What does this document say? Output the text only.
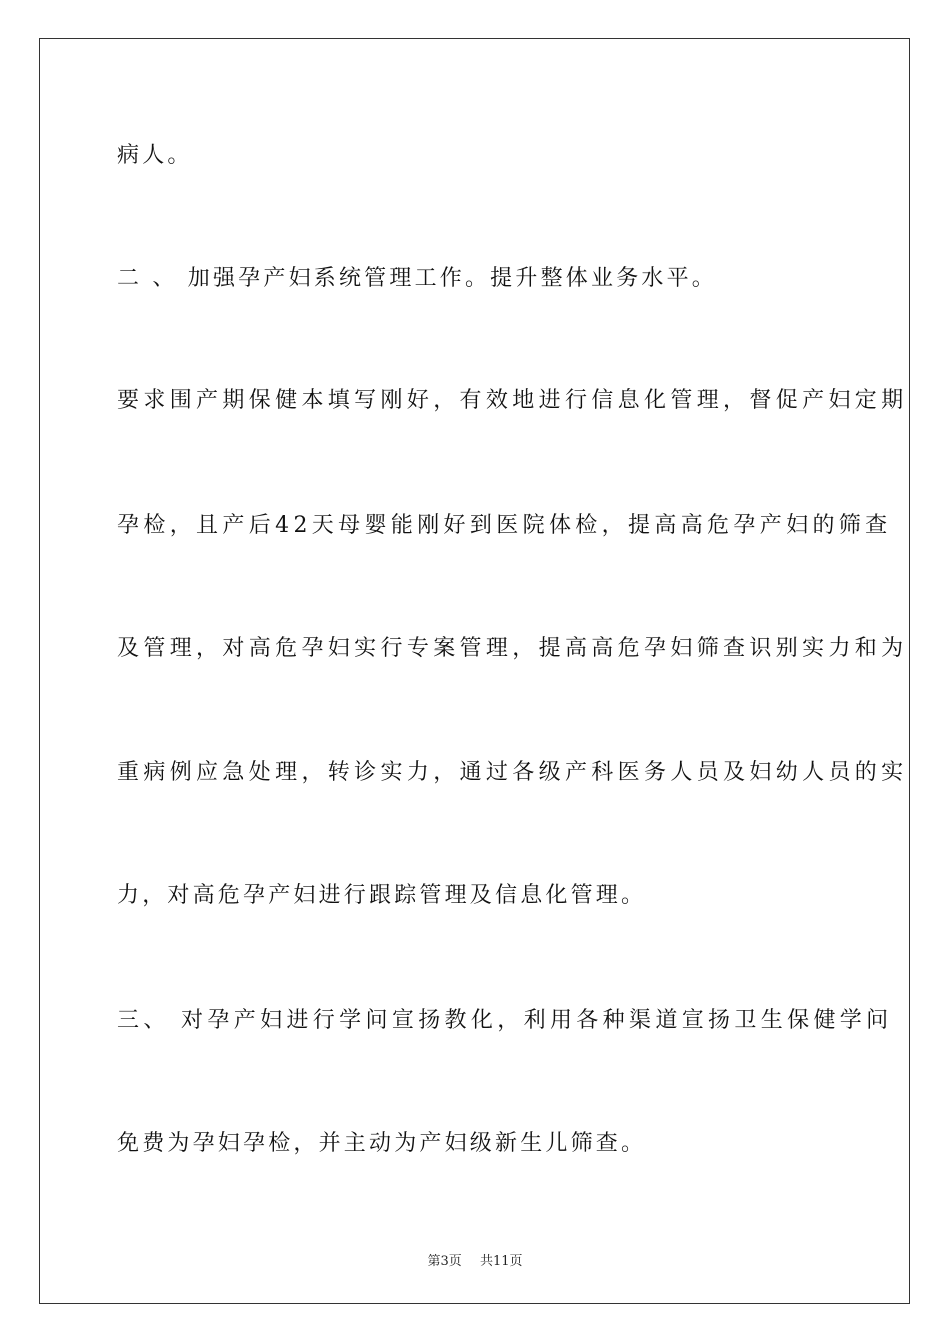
病人。
二 、 加强孕产妇系统管理工作。提升整体业务水平。
要求围产期保健本填写刚好，有效地进行信息化管理，督促产妇定期
孕检，且产后42天母婴能刚好到医院体检，提高高危孕产妇的筛查
及管理，对高危孕妇实行专案管理，提高高危孕妇筛查识别实力和为
重病例应急处理，转诊实力，通过各级产科医务人员及妇幼人员的实
力，对高危孕产妇进行跟踪管理及信息化管理。
三、 对孕产妇进行学问宣扬教化，利用各种渠道宣扬卫生保健学问
免费为孕妇孕检，并主动为产妇级新生儿筛查。
第3页 共11页
